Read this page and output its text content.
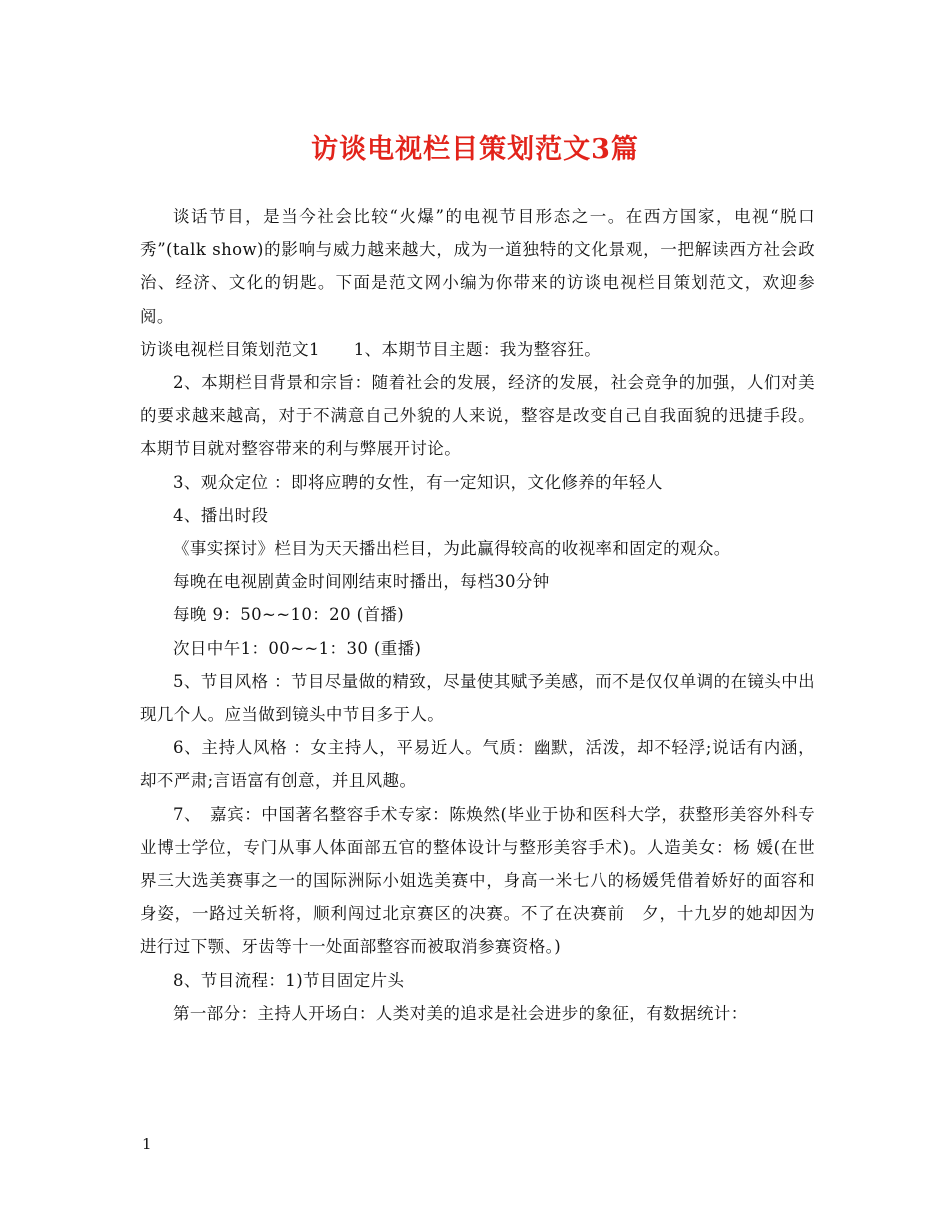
访谈电视栏目策划范文3篇

谈话节目，是当今社会比较“火爆”的电视节目形态之一。在西方国家，电视“脱口秀”(talk show)的影响与威力越来越大，成为一道独特的文化景观，一把解读西方社会政治、经济、文化的钥匙。下面是范文网小编为你带来的访谈电视栏目策划范文，欢迎参阅。

访谈电视栏目策划范文1　　1、本期节目主题：我为整容狂。

2、本期栏目背景和宗旨：随着社会的发展，经济的发展，社会竞争的加强，人们对美的要求越来越高，对于不满意自己外貌的人来说，整容是改变自己自我面貌的迅捷手段。本期节目就对整容带来的利与弊展开讨论。

3、观众定位 ：即将应聘的女性，有一定知识，文化修养的年轻人

4、播出时段

《事实探讨》栏目为天天播出栏目，为此赢得较高的收视率和固定的观众。

每晚在电视剧黄金时间刚结束时播出，每档30分钟

每晚 9：50~~10：20 (首播)

次日中午1：00~~1：30 (重播)

5、节目风格 ：节目尽量做的精致，尽量使其赋予美感，而不是仅仅单调的在镜头中出现几个人。应当做到镜头中节目多于人。

6、主持人风格 ：女主持人，平易近人。气质：幽默，活泼，却不轻浮;说话有内涵，却不严肃;言语富有创意，并且风趣。

7、　嘉宾：中国著名整容手术专家：陈焕然(毕业于协和医科大学，获整形美容外科专业博士学位，专门从事人体面部五官的整体设计与整形美容手术)。人造美女：杨 媛(在世界三大选美赛事之一的国际洲际小姐选美赛中，身高一米七八的杨媛凭借着娇好的面容和身姿，一路过关斩将，顺利闯过北京赛区的决赛。不了在决赛前　夕，十九岁的她却因为进行过下颚、牙齿等十一处面部整容而被取消参赛资格。)

8、节目流程：1)节目固定片头

第一部分：主持人开场白：人类对美的追求是社会进步的象征，有数据统计：

1
